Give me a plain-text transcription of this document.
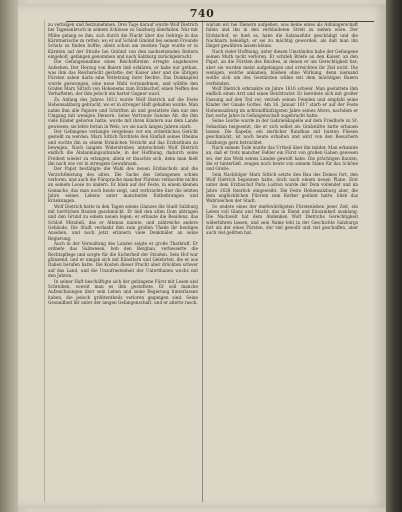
740

zu verfolgen und festzunehmen. Drei Tage darauf wurde Wolf Dietrich bei Tagesanbruch in seinem Schlosse zu Salzburg überfallen. Nur mit Mühe gelang es ihm, sich durch die Flucht über das Gebirge in das Kärntnerische zu retten, wo er auf Schloß Gmünd bei seinem Freunde Schutz zu finden hoffte; allein schon am zweiten Tage wurde er in Kärnten auf der Straße bei Gmünd von den nachsetzenden Reitern eingeholt, gefangen genommen und nach Salzburg zurückgebracht.

Die Gefangennahme eines Reichsfürsten erregte ungeheures Aufsehen. Der Herzog von Baiern ließ erklären, er habe nur gethan, was ihm das Reichsrecht gestatte; der Kaiser aber und die übrigen Fürsten sahen darin eine Verletzung ihrer Rechte. Das Domkapitel wurde gezwungen, eine neue Wahl vorzunehmen, und wählte den Grafen Marx Sittich von Hohenems zum Erzbischof, einen Neffen des Verhafteten, der ihm jedoch ein harter Gegner ward.

Zu Anfang des Jahres 1612 wurde Wolf Dietrich auf die Feste Hohensalzburg gebracht, wo er in strenger Haft gehalten wurde. Man nahm ihm alle Papiere und Schriften ab und gestattete ihm nur den Umgang mit wenigen Dienern. Seine Vertraute Salome Alt, die ihm viele Kinder geboren hatte, wurde mit ihren Kindern aus dem Lande gewiesen; sie lebte fortan in Wels, wo sie nach langen Jahren starb.

Der Gefangene verlangte vergebens vor ein ordentliches Gericht gestellt zu werden. Marx Sittich fürchtete den Einfluß seines Oheims und suchte ihn zu einem förmlichen Verzicht auf das Erzbisthum zu bewegen. Nach langem Widerstreben unterschrieb Wolf Dietrich endlich die Abdankungsurkunde, in der Hoffnung, dadurch seine Freiheit wieder zu erlangen; allein er täuschte sich, denn man hielt ihn nach wie vor in strengem Gewahrsam.

Der Papst bestätigte die Wahl des neuen Erzbischofs und die Verzichtleistung des alten. Die Sache des Gefangenen schien verloren, und auch die Fürsprache mancher Fürsten vermochte nichts an seinem Loose zu ändern. Er blieb auf der Feste, in einem kleinen Gemache, das man noch heute zeigt, und verbrachte hier die letzten Jahre seines Lebens unter mancherlei Entbehrungen und Kränkungen.

Wolf Dietrich hatte in den Tagen seines Glanzes die Stadt Salzburg mit herrlichen Bauten geschmückt. Er ließ den alten Dom abtragen und den Grund zu einem neuen legen; er erbaute die Residenz, das Schloß Mirabell, das er Altenau nannte, und zahlreiche andere Gebäude. Die Stadt verdankt ihm zum großen Theile ihr heutiges Ansehen, und noch jetzt erinnern viele Denkmäler an seine Regierung.

Auch in der Verwaltung des Landes zeigte er große Thatkraft. Er ordnete das Salzwesen, hob den Bergbau, verbesserte die Rechtspflege und sorgte für die Sicherheit der Straßen. Sein Hof war glänzend, und er umgab sich mit Künstlern und Gelehrten, die er aus Italien berufen hatte. Die Kosten dieser Pracht aber drückten schwer auf das Land, und die Unzufriedenheit der Unterthanen wuchs mit den Jahren.

In seiner Haft beschäftigte sich der gefangene Fürst mit Lesen und Schreiben, soweit man es ihm gestattete. Er soll manche Aufzeichnungen über sein Leben und seine Regierung hinterlassen haben, die jedoch größtentheils verloren gegangen sind. Seine Gesundheit litt unter der langen Gefangenschaft, und er alterte rasch.

warum wir bei Dienern aufgehen, was keine eines als Anhängerschaft fallen und ihn in den verbündeten Streit zu ziehen wäre. Der Erzbischof, so hieß es, habe die Salzausfuhr geschädigt und die Nachbarn beleidigt; er sei zu mächtig geworden, als daß man ihn länger gewähren lassen könne.

Nach vieler Hoffnung, unter diesen Umständen habe der Gefangene seinen Muth nicht verloren. Er schrieb Briefe an den Kaiser, an den Papst, an die Fürsten des Reiches, in denen er um Gerechtigkeit bat; aber sie wurden meist aufgefangen und erreichten ihr Ziel nicht. Die wenigen, welche ankamen, blieben ohne Wirkung, denn niemand wollte sich um des Gestürzten willen mit dem mächtigen Baiern verfeinden.

Wolf Dietrich erkrankte im Jahre 1616 schwer. Man gestattete ihm endlich einen Arzt und einen Beichtvater. Er bereitete sich mit großer Fassung auf den Tod vor, verzieh seinen Feinden und empfahl seine Kinder der Gnade Gottes. Am 16. Januar 1617 starb er auf der Feste Hohensalzburg im achtundfünfzigsten Jahre seines Alters, nachdem er fast sechs Jahre in Gefangenschaft zugebracht hatte.

Seine Leiche wurde in der Gabrielskapelle auf dem Friedhofe zu St. Sebastian beigesetzt, die er sich selbst als Grabstätte hatte erbauen lassen. Die Kapelle, ein zierlicher Rundbau mit bunten Fliesen geschmückt, ist noch heute erhalten und wird von den Besuchern Salzburgs gern betrachtet.

Nach seinem Tode wurde das Urtheil über ihn milder. Man erkannte an, daß er trotz mancher Fehler ein Fürst von großen Gaben gewesen sei, der das Wohl seines Landes gewollt habe. Die prächtigen Bauten, die er hinterließ, zeugen noch heute von seinem Sinne für das Schöne und Große.

Sein Nachfolger Marx Sittich setzte den Bau des Domes fort, den Wolf Dietrich begonnen hatte, doch nach einem neuen Plane. Erst unter dem Erzbischof Paris Lodron wurde der Dom vollendet und im Jahre 1628 feierlich eingeweiht. Die Feste Hohensalzburg aber, die dem unglücklichen Fürsten zum Kerker gedient hatte, blieb das Wahrzeichen der Stadt.

So endete eines der merkwürdigsten Fürstenleben jener Zeit, ein Leben voll Glanz und Macht, das in Elend und Einsamkeit ausklang. Die Nachwelt hat dem Andenken Wolf Dietrichs Gerechtigkeit widerfahren lassen, und sein Name lebt in der Geschichte Salzburgs fort als der eines Fürsten, der viel gewollt und viel geschaffen, aber auch viel gelitten hat.
